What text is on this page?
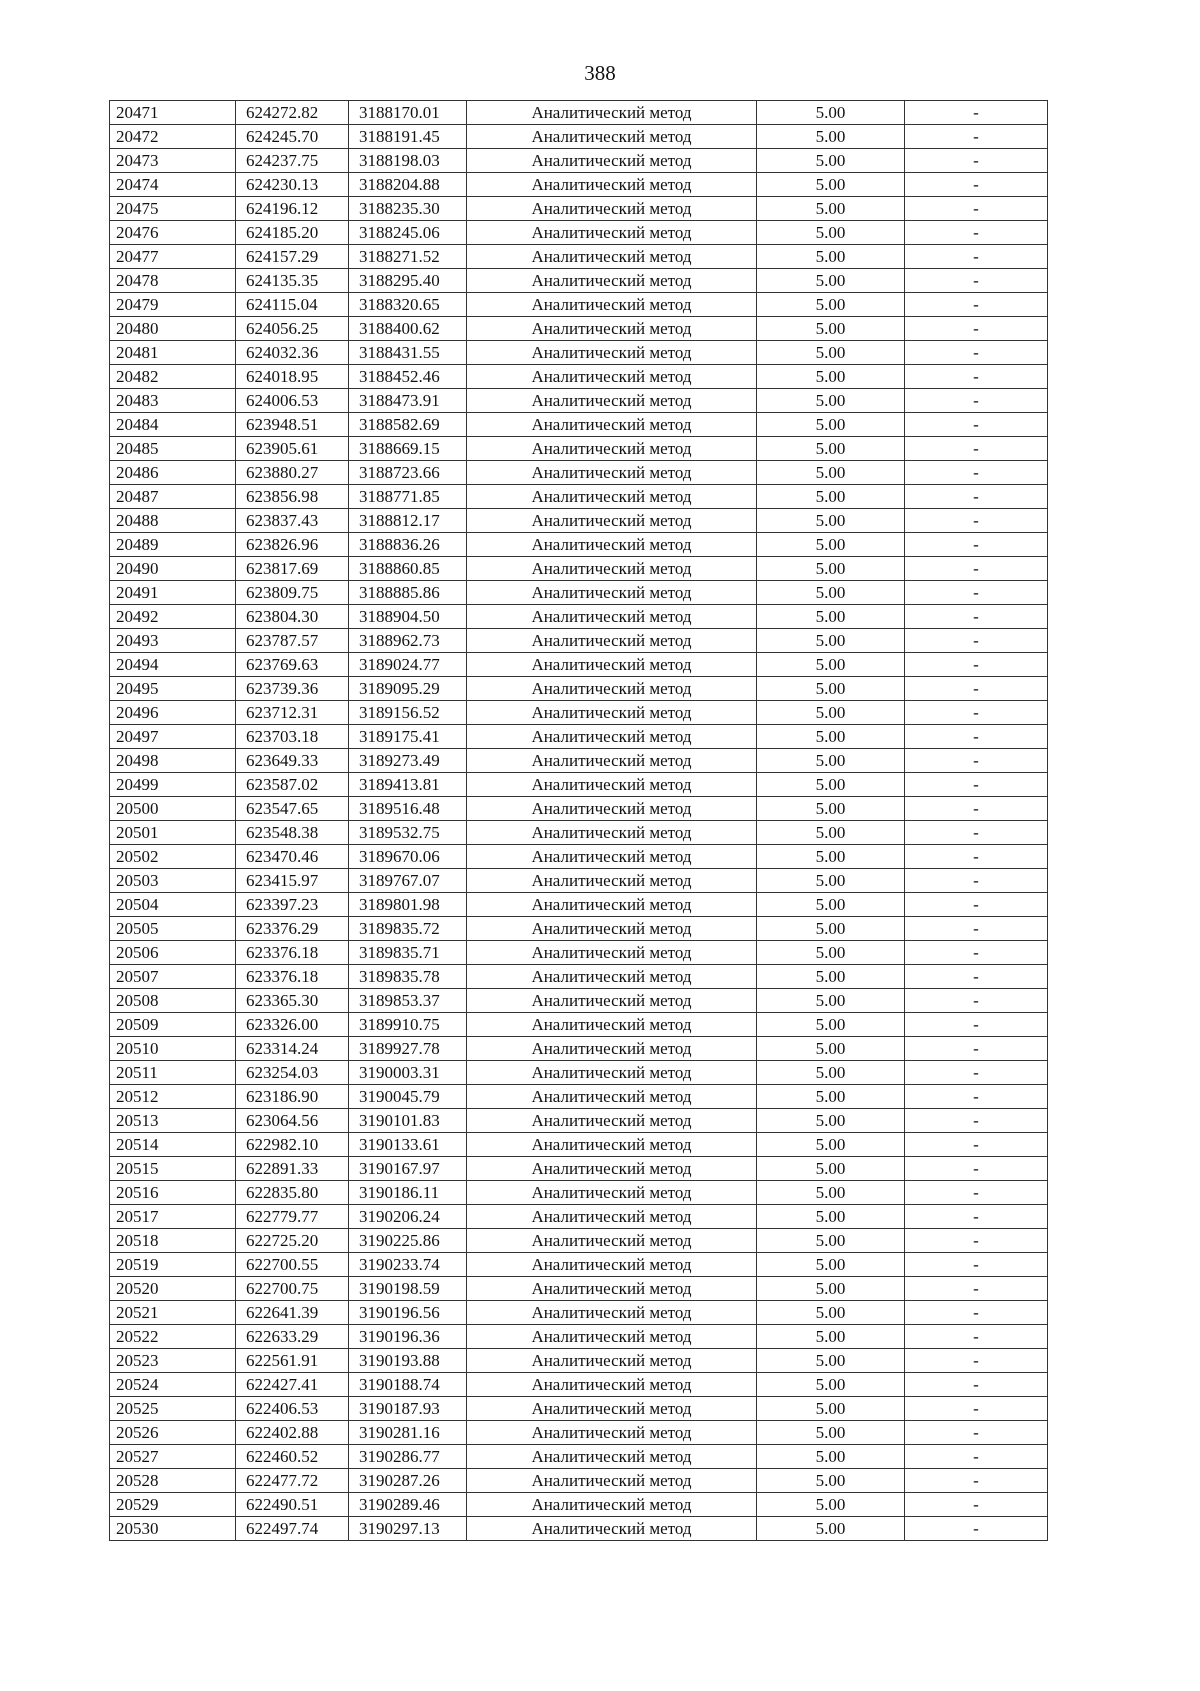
388
20471	624272.82	3188170.01	Аналитический метод	5.00	-
20472	624245.70	3188191.45	Аналитический метод	5.00	-
20473	624237.75	3188198.03	Аналитический метод	5.00	-
20474	624230.13	3188204.88	Аналитический метод	5.00	-
20475	624196.12	3188235.30	Аналитический метод	5.00	-
20476	624185.20	3188245.06	Аналитический метод	5.00	-
20477	624157.29	3188271.52	Аналитический метод	5.00	-
20478	624135.35	3188295.40	Аналитический метод	5.00	-
20479	624115.04	3188320.65	Аналитический метод	5.00	-
20480	624056.25	3188400.62	Аналитический метод	5.00	-
20481	624032.36	3188431.55	Аналитический метод	5.00	-
20482	624018.95	3188452.46	Аналитический метод	5.00	-
20483	624006.53	3188473.91	Аналитический метод	5.00	-
20484	623948.51	3188582.69	Аналитический метод	5.00	-
20485	623905.61	3188669.15	Аналитический метод	5.00	-
20486	623880.27	3188723.66	Аналитический метод	5.00	-
20487	623856.98	3188771.85	Аналитический метод	5.00	-
20488	623837.43	3188812.17	Аналитический метод	5.00	-
20489	623826.96	3188836.26	Аналитический метод	5.00	-
20490	623817.69	3188860.85	Аналитический метод	5.00	-
20491	623809.75	3188885.86	Аналитический метод	5.00	-
20492	623804.30	3188904.50	Аналитический метод	5.00	-
20493	623787.57	3188962.73	Аналитический метод	5.00	-
20494	623769.63	3189024.77	Аналитический метод	5.00	-
20495	623739.36	3189095.29	Аналитический метод	5.00	-
20496	623712.31	3189156.52	Аналитический метод	5.00	-
20497	623703.18	3189175.41	Аналитический метод	5.00	-
20498	623649.33	3189273.49	Аналитический метод	5.00	-
20499	623587.02	3189413.81	Аналитический метод	5.00	-
20500	623547.65	3189516.48	Аналитический метод	5.00	-
20501	623548.38	3189532.75	Аналитический метод	5.00	-
20502	623470.46	3189670.06	Аналитический метод	5.00	-
20503	623415.97	3189767.07	Аналитический метод	5.00	-
20504	623397.23	3189801.98	Аналитический метод	5.00	-
20505	623376.29	3189835.72	Аналитический метод	5.00	-
20506	623376.18	3189835.71	Аналитический метод	5.00	-
20507	623376.18	3189835.78	Аналитический метод	5.00	-
20508	623365.30	3189853.37	Аналитический метод	5.00	-
20509	623326.00	3189910.75	Аналитический метод	5.00	-
20510	623314.24	3189927.78	Аналитический метод	5.00	-
20511	623254.03	3190003.31	Аналитический метод	5.00	-
20512	623186.90	3190045.79	Аналитический метод	5.00	-
20513	623064.56	3190101.83	Аналитический метод	5.00	-
20514	622982.10	3190133.61	Аналитический метод	5.00	-
20515	622891.33	3190167.97	Аналитический метод	5.00	-
20516	622835.80	3190186.11	Аналитический метод	5.00	-
20517	622779.77	3190206.24	Аналитический метод	5.00	-
20518	622725.20	3190225.86	Аналитический метод	5.00	-
20519	622700.55	3190233.74	Аналитический метод	5.00	-
20520	622700.75	3190198.59	Аналитический метод	5.00	-
20521	622641.39	3190196.56	Аналитический метод	5.00	-
20522	622633.29	3190196.36	Аналитический метод	5.00	-
20523	622561.91	3190193.88	Аналитический метод	5.00	-
20524	622427.41	3190188.74	Аналитический метод	5.00	-
20525	622406.53	3190187.93	Аналитический метод	5.00	-
20526	622402.88	3190281.16	Аналитический метод	5.00	-
20527	622460.52	3190286.77	Аналитический метод	5.00	-
20528	622477.72	3190287.26	Аналитический метод	5.00	-
20529	622490.51	3190289.46	Аналитический метод	5.00	-
20530	622497.74	3190297.13	Аналитический метод	5.00	-
